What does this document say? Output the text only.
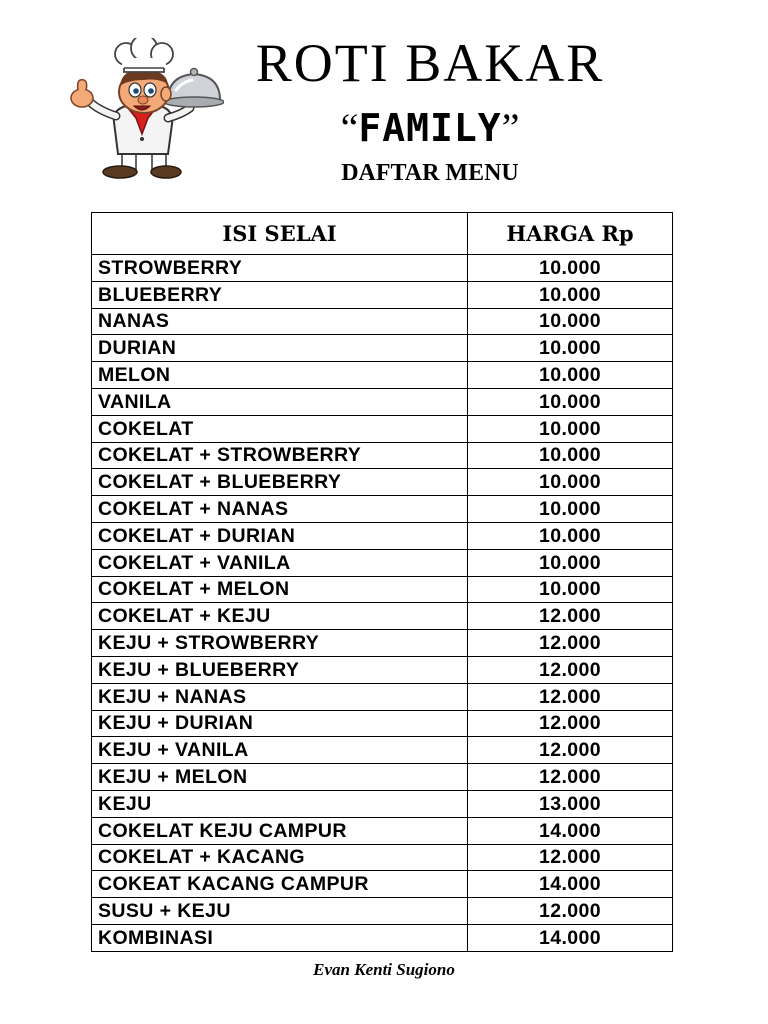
ROTI BAKAR
“FAMILY”
DAFTAR MENU
ISI SELAI	HARGA Rp
STROWBERRY	10.000
BLUEBERRY	10.000
NANAS	10.000
DURIAN	10.000
MELON	10.000
VANILA	10.000
COKELAT	10.000
COKELAT + STROWBERRY	10.000
COKELAT + BLUEBERRY	10.000
COKELAT + NANAS	10.000
COKELAT + DURIAN	10.000
COKELAT + VANILA	10.000
COKELAT + MELON	10.000
COKELAT + KEJU	12.000
KEJU + STROWBERRY	12.000
KEJU + BLUEBERRY	12.000
KEJU + NANAS	12.000
KEJU + DURIAN	12.000
KEJU + VANILA	12.000
KEJU + MELON	12.000
KEJU	13.000
COKELAT KEJU CAMPUR	14.000
COKELAT + KACANG	12.000
COKEAT KACANG CAMPUR	14.000
SUSU + KEJU	12.000
KOMBINASI	14.000
Evan Kenti Sugiono
